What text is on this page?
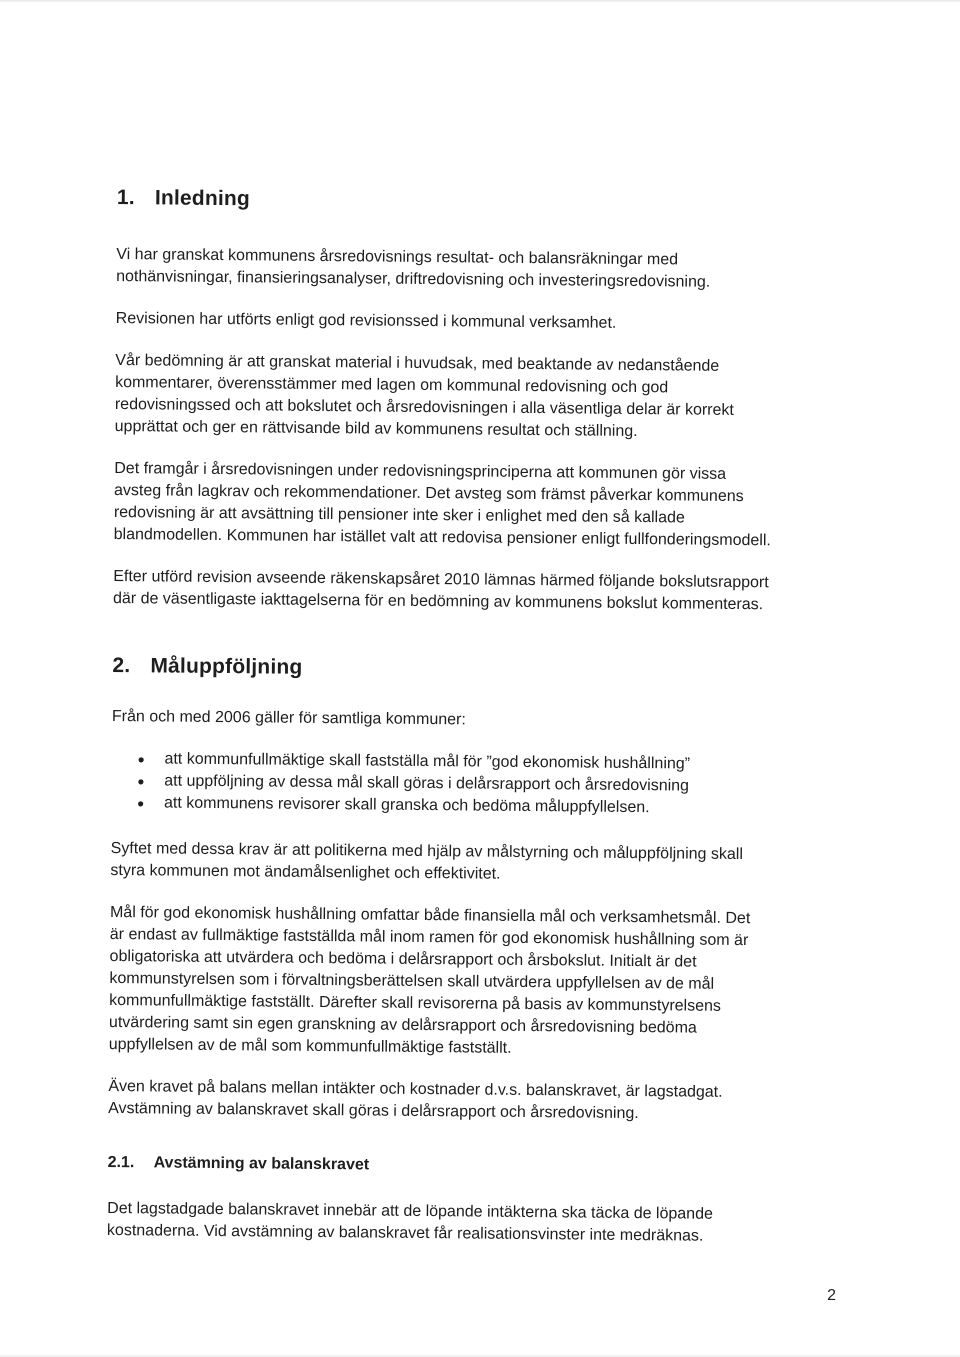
1. Inledning

Vi har granskat kommunens årsredovisnings resultat- och balansräkningar med
nothänvisningar, finansieringsanalyser, driftredovisning och investeringsredovisning.

Revisionen har utförts enligt god revisionssed i kommunal verksamhet.

Vår bedömning är att granskat material i huvudsak, med beaktande av nedanstående
kommentarer, överensstämmer med lagen om kommunal redovisning och god
redovisningssed och att bokslutet och årsredovisningen i alla väsentliga delar är korrekt
upprättat och ger en rättvisande bild av kommunens resultat och ställning.

Det framgår i årsredovisningen under redovisningsprinciperna att kommunen gör vissa
avsteg från lagkrav och rekommendationer. Det avsteg som främst påverkar kommunens
redovisning är att avsättning till pensioner inte sker i enlighet med den så kallade
blandmodellen. Kommunen har istället valt att redovisa pensioner enligt fullfonderingsmodell.

Efter utförd revision avseende räkenskapsåret 2010 lämnas härmed följande bokslutsrapport
där de väsentligaste iakttagelserna för en bedömning av kommunens bokslut kommenteras.

2. Måluppföljning

Från och med 2006 gäller för samtliga kommuner:

●	att kommunfullmäktige skall fastställa mål för ”god ekonomisk hushållning”
●	att uppföljning av dessa mål skall göras i delårsrapport och årsredovisning
●	att kommunens revisorer skall granska och bedöma måluppfyllelsen.

Syftet med dessa krav är att politikerna med hjälp av målstyrning och måluppföljning skall
styra kommunen mot ändamålsenlighet och effektivitet.

Mål för god ekonomisk hushållning omfattar både finansiella mål och verksamhetsmål. Det
är endast av fullmäktige fastställda mål inom ramen för god ekonomisk hushållning som är
obligatoriska att utvärdera och bedöma i delårsrapport och årsbokslut. Initialt är det
kommunstyrelsen som i förvaltningsberättelsen skall utvärdera uppfyllelsen av de mål
kommunfullmäktige fastställt. Därefter skall revisorerna på basis av kommunstyrelsens
utvärdering samt sin egen granskning av delårsrapport och årsredovisning bedöma
uppfyllelsen av de mål som kommunfullmäktige fastställt.

Även kravet på balans mellan intäkter och kostnader d.v.s. balanskravet, är lagstadgat.
Avstämning av balanskravet skall göras i delårsrapport och årsredovisning.

2.1.	Avstämning av balanskravet

Det lagstadgade balanskravet innebär att de löpande intäkterna ska täcka de löpande
kostnaderna. Vid avstämning av balanskravet får realisationsvinster inte medräknas.

2
